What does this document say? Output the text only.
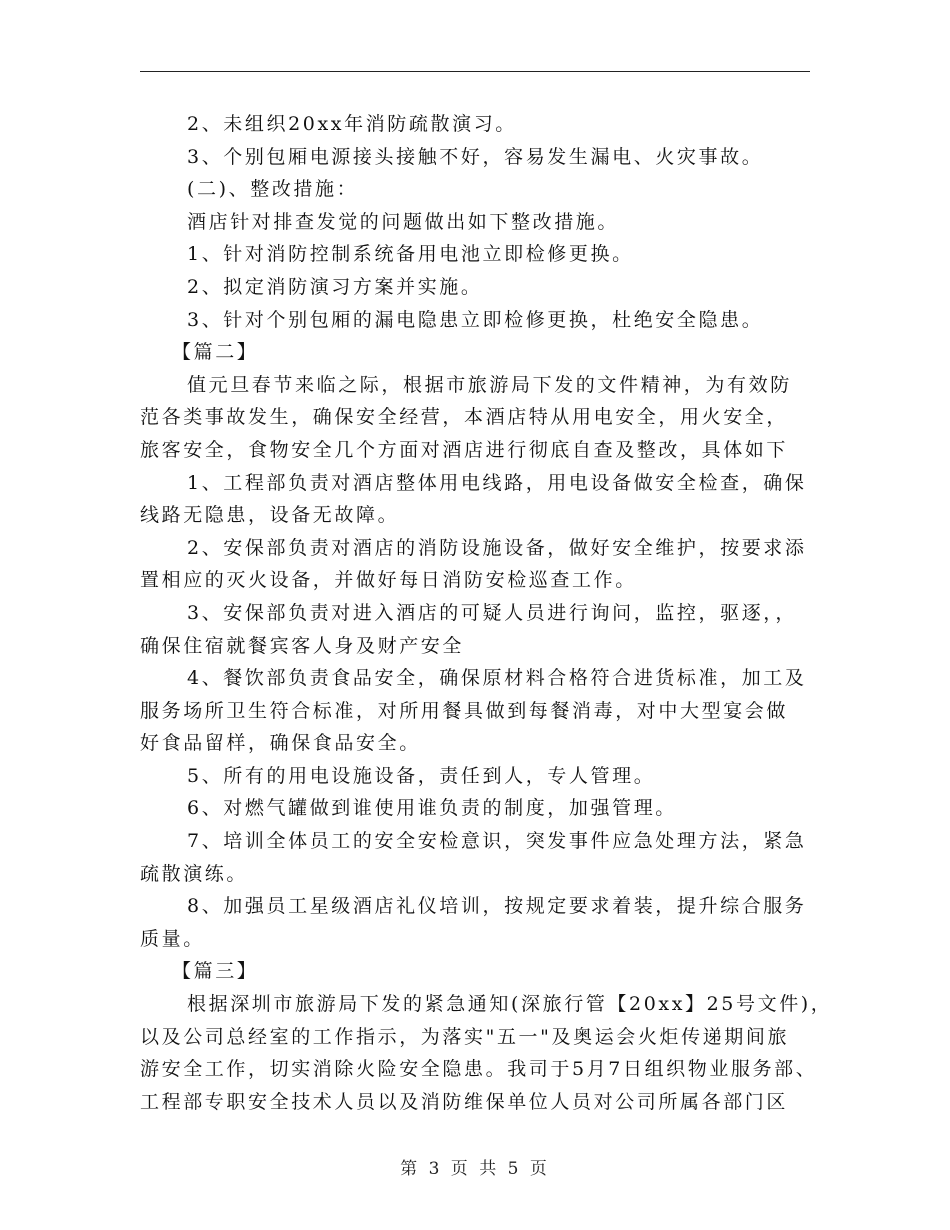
2、未组织20xx年消防疏散演习。
3、个别包厢电源接头接触不好，容易发生漏电、火灾事故。
(二)、整改措施：
酒店针对排查发觉的问题做出如下整改措施。
1、针对消防控制系统备用电池立即检修更换。
2、拟定消防演习方案并实施。
3、针对个别包厢的漏电隐患立即检修更换，杜绝安全隐患。
【篇二】
值元旦春节来临之际，根据市旅游局下发的文件精神，为有效防
范各类事故发生，确保安全经营，本酒店特从用电安全，用火安全，
旅客安全，食物安全几个方面对酒店进行彻底自查及整改，具体如下
1、工程部负责对酒店整体用电线路，用电设备做安全检查，确保
线路无隐患，设备无故障。
2、安保部负责对酒店的消防设施设备，做好安全维护，按要求添
置相应的灭火设备，并做好每日消防安检巡查工作。
3、安保部负责对进入酒店的可疑人员进行询问，监控，驱逐，，
确保住宿就餐宾客人身及财产安全
4、餐饮部负责食品安全，确保原材料合格符合进货标准，加工及
服务场所卫生符合标准，对所用餐具做到每餐消毒，对中大型宴会做
好食品留样，确保食品安全。
5、所有的用电设施设备，责任到人，专人管理。
6、对燃气罐做到谁使用谁负责的制度，加强管理。
7、培训全体员工的安全安检意识，突发事件应急处理方法，紧急
疏散演练。
8、加强员工星级酒店礼仪培训，按规定要求着装，提升综合服务
质量。
【篇三】
根据深圳市旅游局下发的紧急通知(深旅行管【20xx】25号文件)，
以及公司总经室的工作指示，为落实"五一"及奥运会火炬传递期间旅
游安全工作，切实消除火险安全隐患。我司于5月7日组织物业服务部、
工程部专职安全技术人员以及消防维保单位人员对公司所属各部门区
第 3 页 共 5 页
